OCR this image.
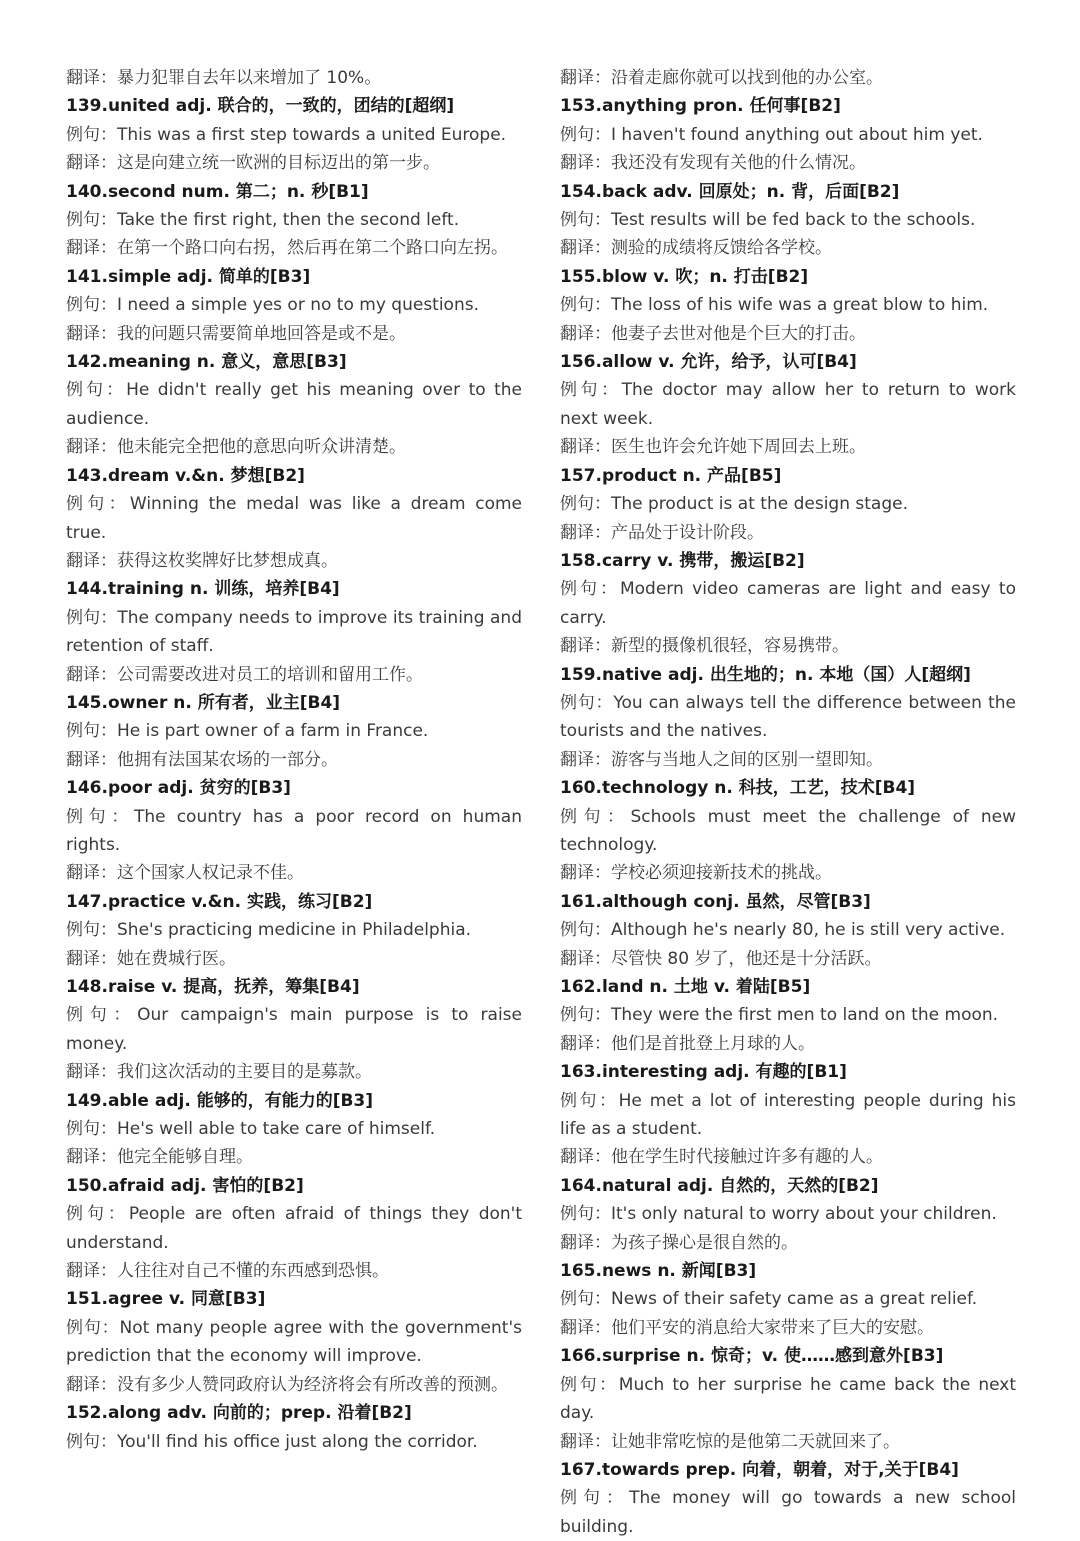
翻译：暴力犯罪自去年以来增加了 10%。

139.united adj. 联合的，一致的，团结的[超纲]

例句：This was a first step towards a united Europe.

翻译：这是向建立统一欧洲的目标迈出的第一步。

140.second num. 第二；n. 秒[B1]

例句：Take the first right, then the second left.

翻译：在第一个路口向右拐，然后再在第二个路口向左拐。

141.simple adj. 简单的[B3]

例句：I need a simple yes or no to my questions.

翻译：我的问题只需要简单地回答是或不是。

142.meaning n. 意义，意思[B3]

例句：He didn't really get his meaning over to the audience.

翻译：他未能完全把他的意思向听众讲清楚。

143.dream v.&n. 梦想[B2]

例句：Winning the medal was like a dream come true.

翻译：获得这枚奖牌好比梦想成真。

144.training n. 训练，培养[B4]

例句：The company needs to improve its training and retention of staff.

翻译：公司需要改进对员工的培训和留用工作。

145.owner n. 所有者，业主[B4]

例句：He is part owner of a farm in France.

翻译：他拥有法国某农场的一部分。

146.poor adj. 贫穷的[B3]

例句：The country has a poor record on human rights.

翻译：这个国家人权记录不佳。

147.practice v.&n. 实践，练习[B2]

例句：She's practicing medicine in Philadelphia.

翻译：她在费城行医。

148.raise v. 提高，抚养，筹集[B4]

例句：Our campaign's main purpose is to raise money.

翻译：我们这次活动的主要目的是募款。

149.able adj. 能够的，有能力的[B3]

例句：He's well able to take care of himself.

翻译：他完全能够自理。

150.afraid adj. 害怕的[B2]

例句：People are often afraid of things they don't understand.

翻译：人往往对自己不懂的东西感到恐惧。

151.agree v. 同意[B3]

例句：Not many people agree with the government's prediction that the economy will improve.

翻译：没有多少人赞同政府认为经济将会有所改善的预测。

152.along adv. 向前的；prep. 沿着[B2]

例句：You'll find his office just along the corridor.

翻译：沿着走廊你就可以找到他的办公室。

153.anything pron. 任何事[B2]

例句：I haven't found anything out about him yet.

翻译：我还没有发现有关他的什么情况。

154.back adv. 回原处；n. 背，后面[B2]

例句：Test results will be fed back to the schools.

翻译：测验的成绩将反馈给各学校。

155.blow v. 吹；n. 打击[B2]

例句：The loss of his wife was a great blow to him.

翻译：他妻子去世对他是个巨大的打击。

156.allow v. 允许，给予，认可[B4]

例句：The doctor may allow her to return to work next week.

翻译：医生也许会允许她下周回去上班。

157.product n. 产品[B5]

例句：The product is at the design stage.

翻译：产品处于设计阶段。

158.carry v. 携带，搬运[B2]

例句：Modern video cameras are light and easy to carry.

翻译：新型的摄像机很轻，容易携带。

159.native adj. 出生地的；n. 本地（国）人[超纲]

例句：You can always tell the difference between the tourists and the natives.

翻译：游客与当地人之间的区别一望即知。

160.technology n. 科技，工艺，技术[B4]

例句：Schools must meet the challenge of new technology.

翻译：学校必须迎接新技术的挑战。

161.although conj. 虽然，尽管[B3]

例句：Although he's nearly 80, he is still very active.

翻译：尽管快 80 岁了，他还是十分活跃。

162.land n. 土地 v. 着陆[B5]

例句：They were the first men to land on the moon.

翻译：他们是首批登上月球的人。

163.interesting adj. 有趣的[B1]

例句：He met a lot of interesting people during his life as a student.

翻译：他在学生时代接触过许多有趣的人。

164.natural adj. 自然的，天然的[B2]

例句：It's only natural to worry about your children.

翻译：为孩子操心是很自然的。

165.news n. 新闻[B3]

例句：News of their safety came as a great relief.

翻译：他们平安的消息给大家带来了巨大的安慰。

166.surprise n. 惊奇；v. 使……感到意外[B3]

例句：Much to her surprise he came back the next day.

翻译：让她非常吃惊的是他第二天就回来了。

167.towards prep. 向着，朝着，对于,关于[B4]

例句：The money will go towards a new school building.
